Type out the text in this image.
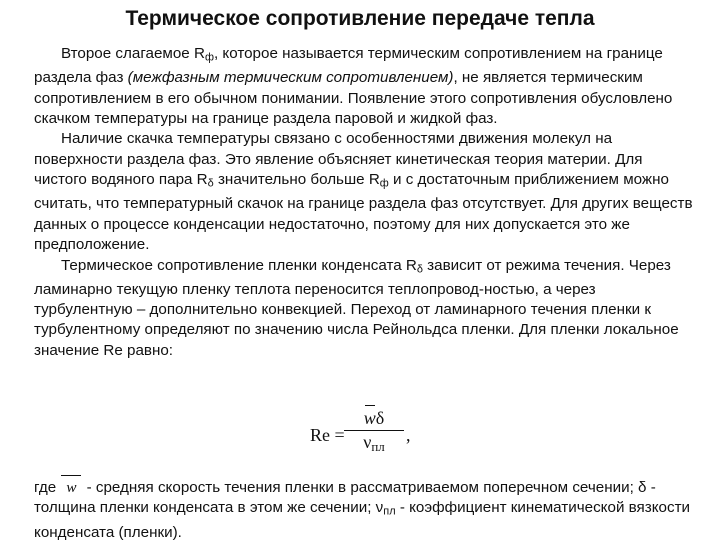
Термическое сопротивление передаче тепла

Второе слагаемое $R_ф$, которое называется термическим сопротивлением на границе раздела фаз (межфазным термическим сопротивлением), не является термическим сопротивлением в его обычном понимании. Появление этого сопротивления обусловлено скачком температуры на границе раздела паровой и жидкой фаз.

Наличие скачка температуры связано с особенностями движения молекул на поверхности раздела фаз. Это явление объясняет кинетическая теория материи. Для чистого водяного пара $R_\delta$ значительно больше $R_ф$ и с достаточным приближением можно считать, что температурный скачок на границе раздела фаз отсутствует. Для других веществ данных о процессе конденсации недостаточно, поэтому для них допускается это же предположение.

Термическое сопротивление пленки конденсата $R_\delta$ зависит от режима течения. Через ламинарно текущую пленку теплота переносится теплопровод-ностью, а через турбулентную – дополнительно конвекцией. Переход от ламинарного течения пленки к турбулентному определяют по значению числа Рейнольдса пленки. Для пленки локальное значение Re равно:

Re =
wδ
$\nu_{пл}$
,
где w - средняя скорость течения пленки в рассматриваемом поперечном сечении; δ - толщина пленки конденсата в этом же сечении; $\nu_{пл}$ - коэффициент кинематической вязкости конденсата (пленки).
